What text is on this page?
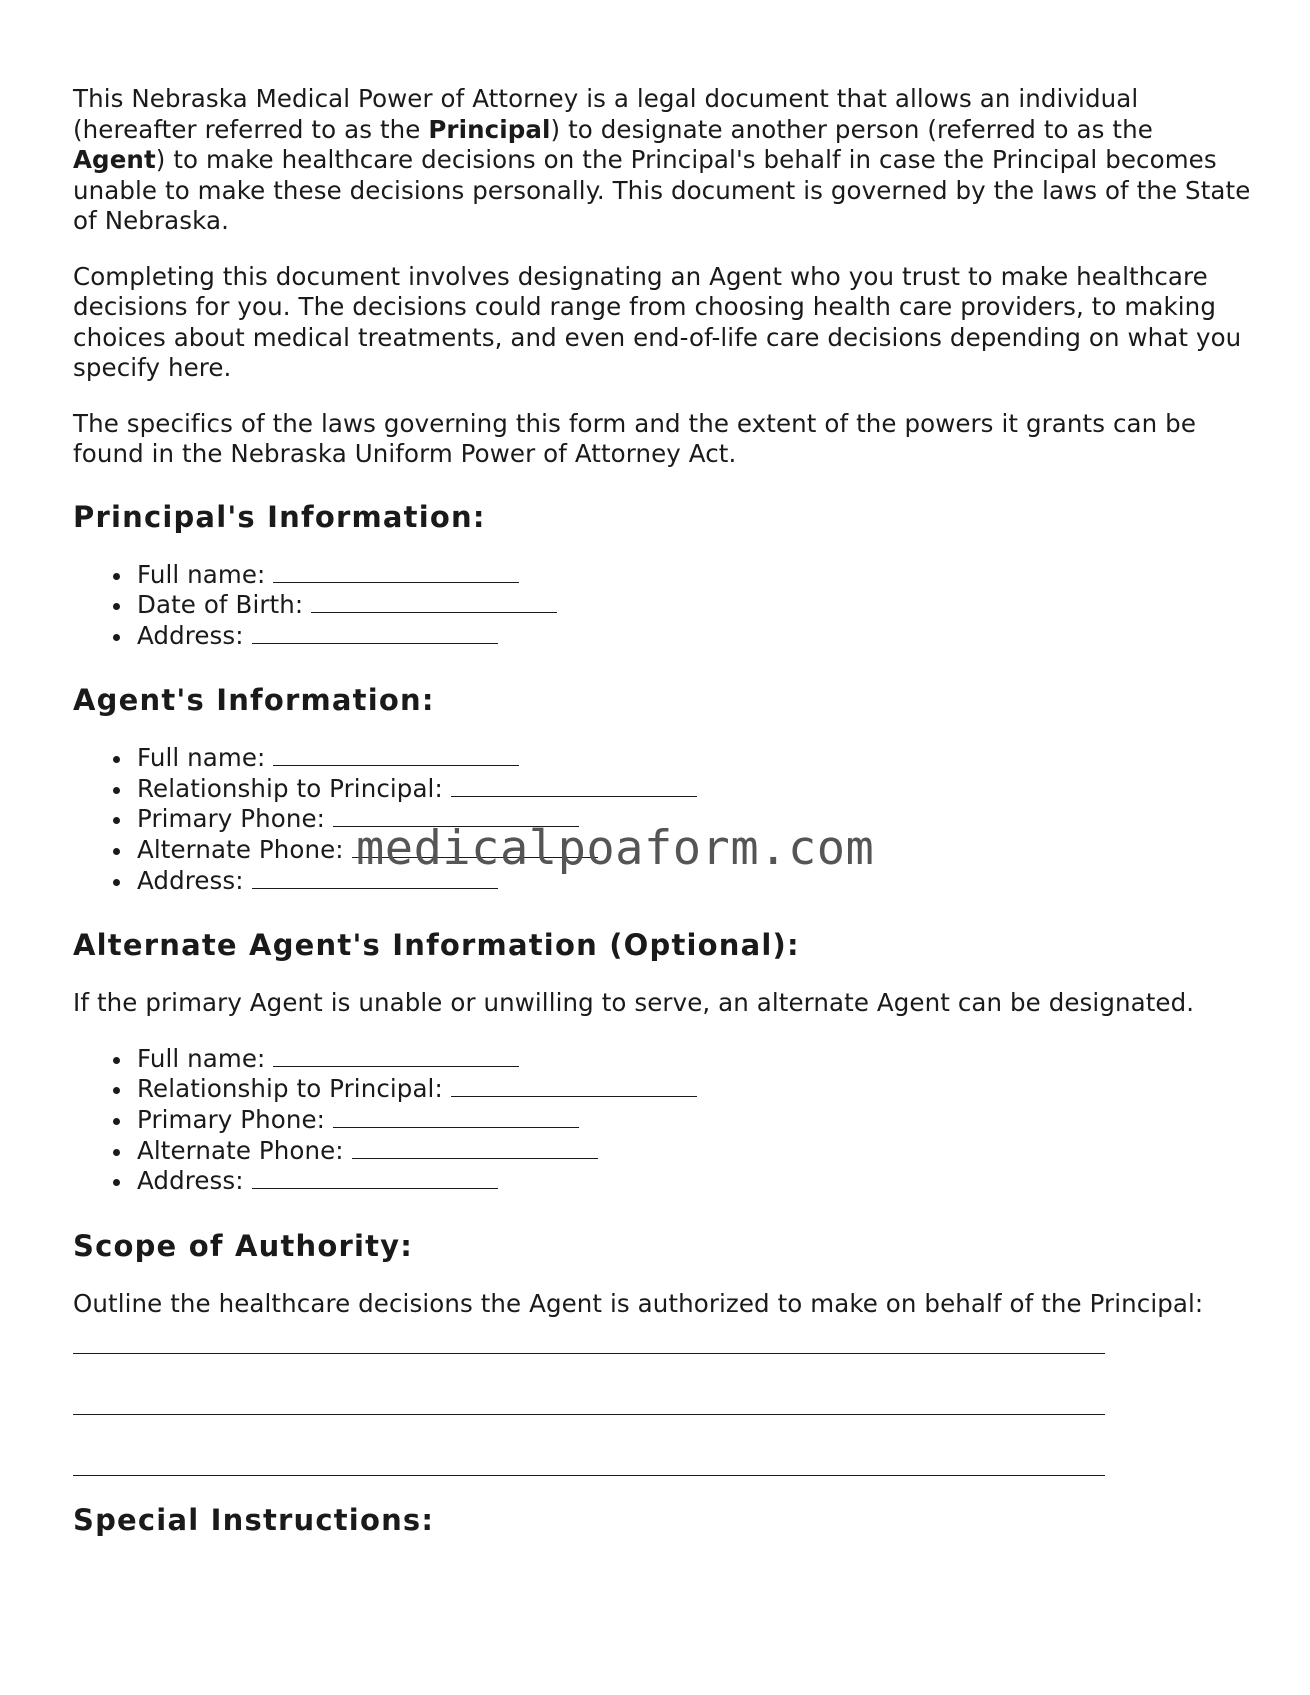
This Nebraska Medical Power of Attorney is a legal document that allows an individual (hereafter referred to as the Principal) to designate another person (referred to as the Agent) to make healthcare decisions on the Principal's behalf in case the Principal becomes unable to make these decisions personally. This document is governed by the laws of the State of Nebraska.

Completing this document involves designating an Agent who you trust to make healthcare decisions for you. The decisions could range from choosing health care providers, to making choices about medical treatments, and even end-of-life care decisions depending on what you specify here.

The specifics of the laws governing this form and the extent of the powers it grants can be found in the Nebraska Uniform Power of Attorney Act.

Principal's Information:
Full name:
Date of Birth:
Address:
Agent's Information:
Full name:
Relationship to Principal:
Primary Phone:
Alternate Phone:
Address:
Alternate Agent's Information (Optional):

If the primary Agent is unable or unwilling to serve, an alternate Agent can be designated.

Full name:
Relationship to Principal:
Primary Phone:
Alternate Phone:
Address:
Scope of Authority:

Outline the healthcare decisions the Agent is authorized to make on behalf of the Principal:

Special Instructions:
medicalpoaform.com
